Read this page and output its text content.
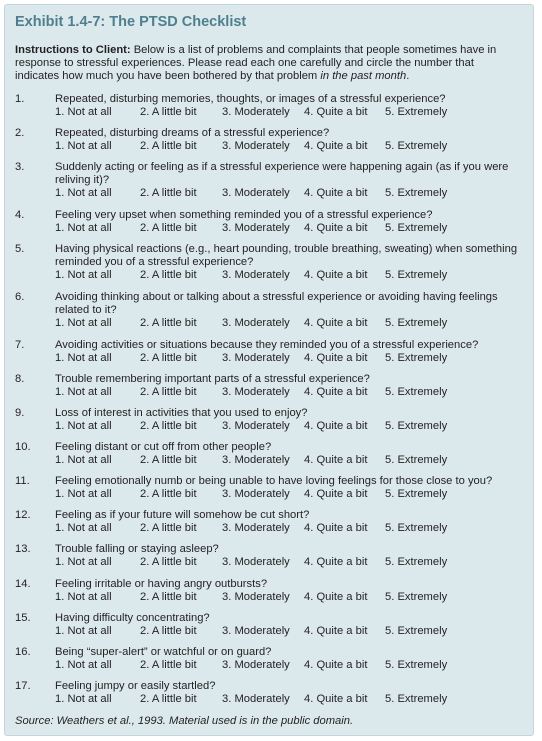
Exhibit 1.4-7: The PTSD Checklist
Instructions to Client: Below is a list of problems and complaints that people sometimes have in response to stressful experiences. Please read each one carefully and circle the number that indicates how much you have been bothered by that problem in the past month.
1.	Repeated, disturbing memories, thoughts, or images of a stressful experience?
1. Not at all	2. A little bit 3. Moderately 4. Quite a bit 5. Extremely
2.	Repeated, disturbing dreams of a stressful experience?
1. Not at all	2. A little bit 3. Moderately 4. Quite a bit 5. Extremely
3.	Suddenly acting or feeling as if a stressful experience were happening again (as if you were reliving it)?
1. Not at all	2. A little bit 3. Moderately 4. Quite a bit 5. Extremely
4.	Feeling very upset when something reminded you of a stressful experience?
1. Not at all	2. A little bit 3. Moderately 4. Quite a bit 5. Extremely
5.	Having physical reactions (e.g., heart pounding, trouble breathing, sweating) when something reminded you of a stressful experience?
1. Not at all	2. A little bit 3. Moderately 4. Quite a bit 5. Extremely
6.	Avoiding thinking about or talking about a stressful experience or avoiding having feelings related to it?
1. Not at all	2. A little bit 3. Moderately 4. Quite a bit 5. Extremely
7.	Avoiding activities or situations because they reminded you of a stressful experience?
1. Not at all	2. A little bit 3. Moderately 4. Quite a bit 5. Extremely
8.	Trouble remembering important parts of a stressful experience?
1. Not at all	2. A little bit 3. Moderately 4. Quite a bit 5. Extremely
9.	Loss of interest in activities that you used to enjoy?
1. Not at all	2. A little bit 3. Moderately 4. Quite a bit 5. Extremely
10. Feeling distant or cut off from other people?
1. Not at all	2. A little bit 3. Moderately 4. Quite a bit 5. Extremely
11. Feeling emotionally numb or being unable to have loving feelings for those close to you?
1. Not at all	2. A little bit 3. Moderately 4. Quite a bit 5. Extremely
12. Feeling as if your future will somehow be cut short?
1. Not at all	2. A little bit 3. Moderately 4. Quite a bit 5. Extremely
13. Trouble falling or staying asleep?
1. Not at all	2. A little bit 3. Moderately 4. Quite a bit 5. Extremely
14. Feeling irritable or having angry outbursts?
1. Not at all	2. A little bit 3. Moderately 4. Quite a bit 5. Extremely
15. Having difficulty concentrating?
1. Not at all	2. A little bit 3. Moderately 4. Quite a bit 5. Extremely
16. Being “super-alert” or watchful or on guard?
1. Not at all	2. A little bit 3. Moderately 4. Quite a bit 5. Extremely
17. Feeling jumpy or easily startled?
1. Not at all	2. A little bit 3. Moderately 4. Quite a bit 5. Extremely
Source: Weathers et al., 1993. Material used is in the public domain.
